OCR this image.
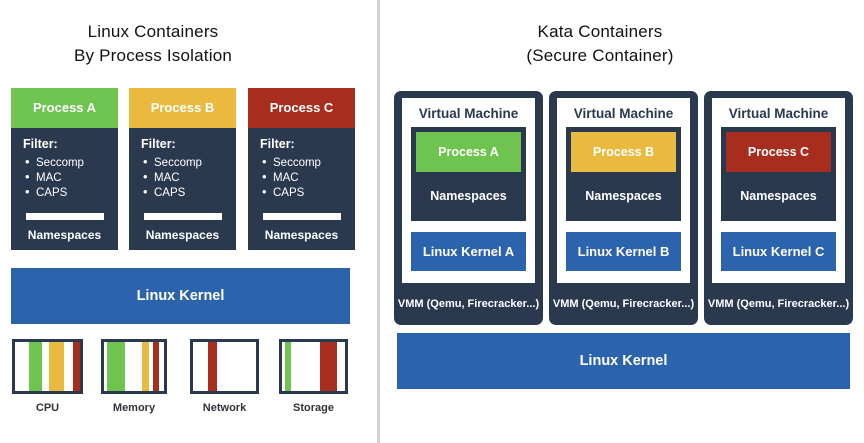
Linux Containers
By Process Isolation
Process A
Filter:
• Seccomp
• MAC
• CAPS
Namespaces
Process B
Filter:
• Seccomp
• MAC
• CAPS
Namespaces
Process C
Filter:
• Seccomp
• MAC
• CAPS
Namespaces
Linux Kernel
CPU	Memory	Network	Storage
Kata Containers
(Secure Container)
Virtual Machine
Process A
Namespaces
Linux Kernel A
VMM (Qemu, Firecracker...)
Virtual Machine
Process B
Namespaces
Linux Kernel B
VMM (Qemu, Firecracker...)
Virtual Machine
Process C
Namespaces
Linux Kernel C
VMM (Qemu, Firecracker...)
Linux Kernel
